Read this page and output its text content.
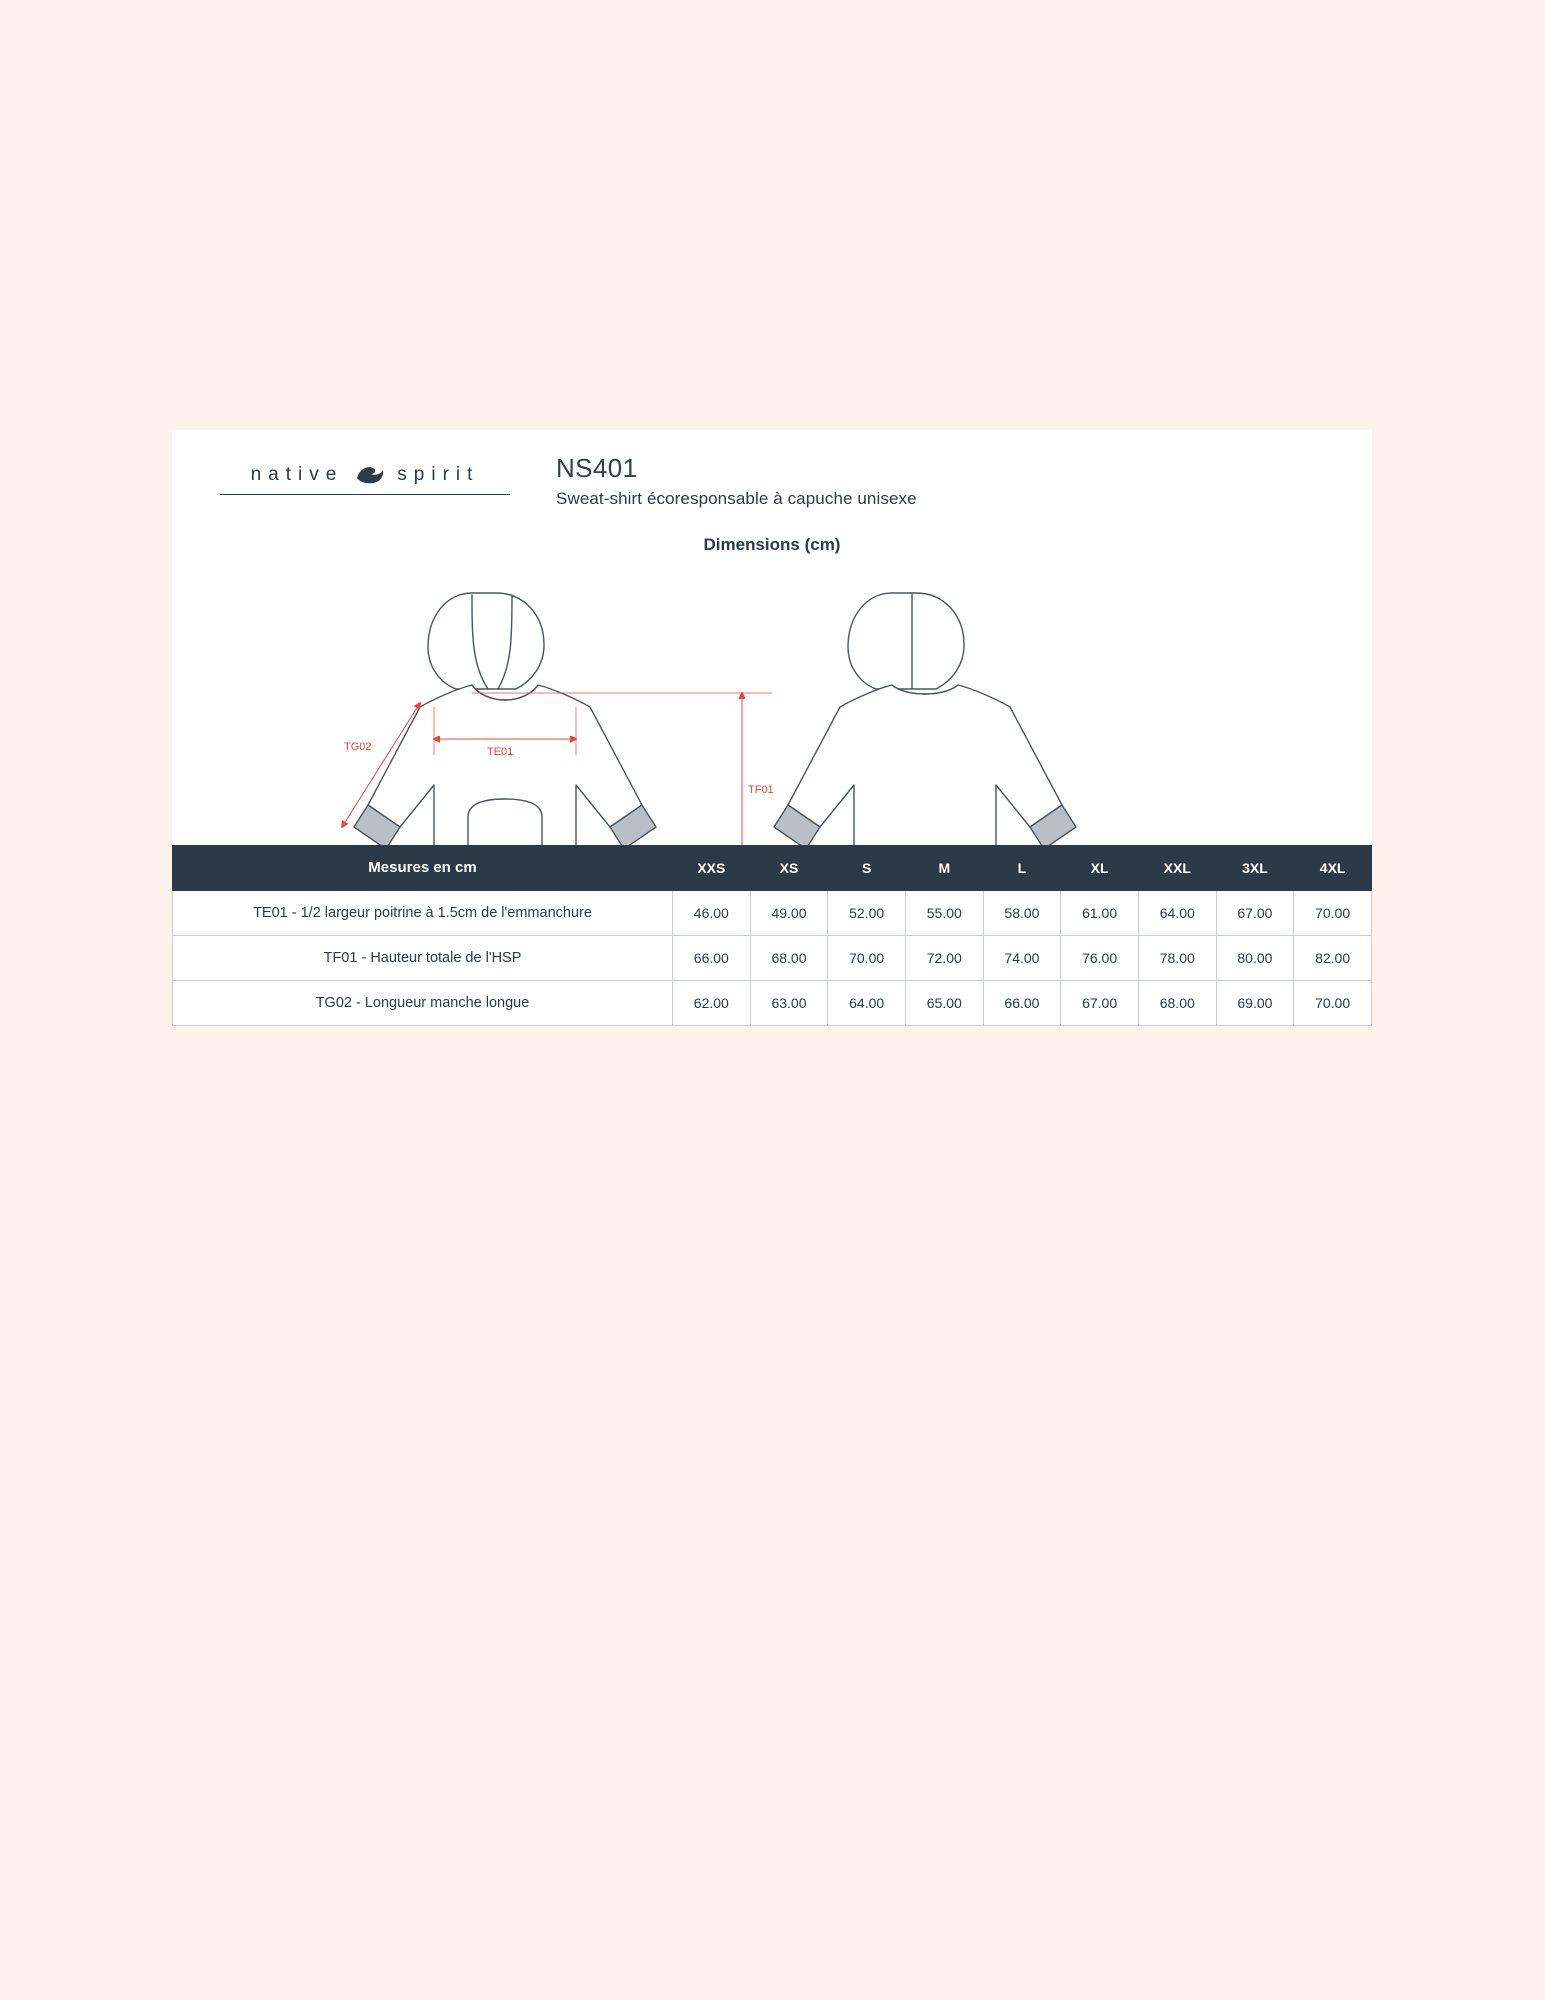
native	spirit	NS401
Sweat-shirt écoresponsable à capuche unisexe
Dimensions (cm)
TG02	TE01
TF01
Mesures en cm	XXS	XS	S	M	L	XL	XXL	3XL	4XL
TE01 - 1/2 largeur poitrine à 1.5cm de l'emmanchure	46.00	49.00	52.00	55.00	58.00	61.00	64.00	67.00	70.00
TF01 - Hauteur totale de l'HSP	66.00	68.00	70.00	72.00	74.00	76.00	78.00	80.00	82.00
TG02 - Longueur manche longue	62.00	63.00	64.00	65.00	66.00	67.00	68.00	69.00	70.00
